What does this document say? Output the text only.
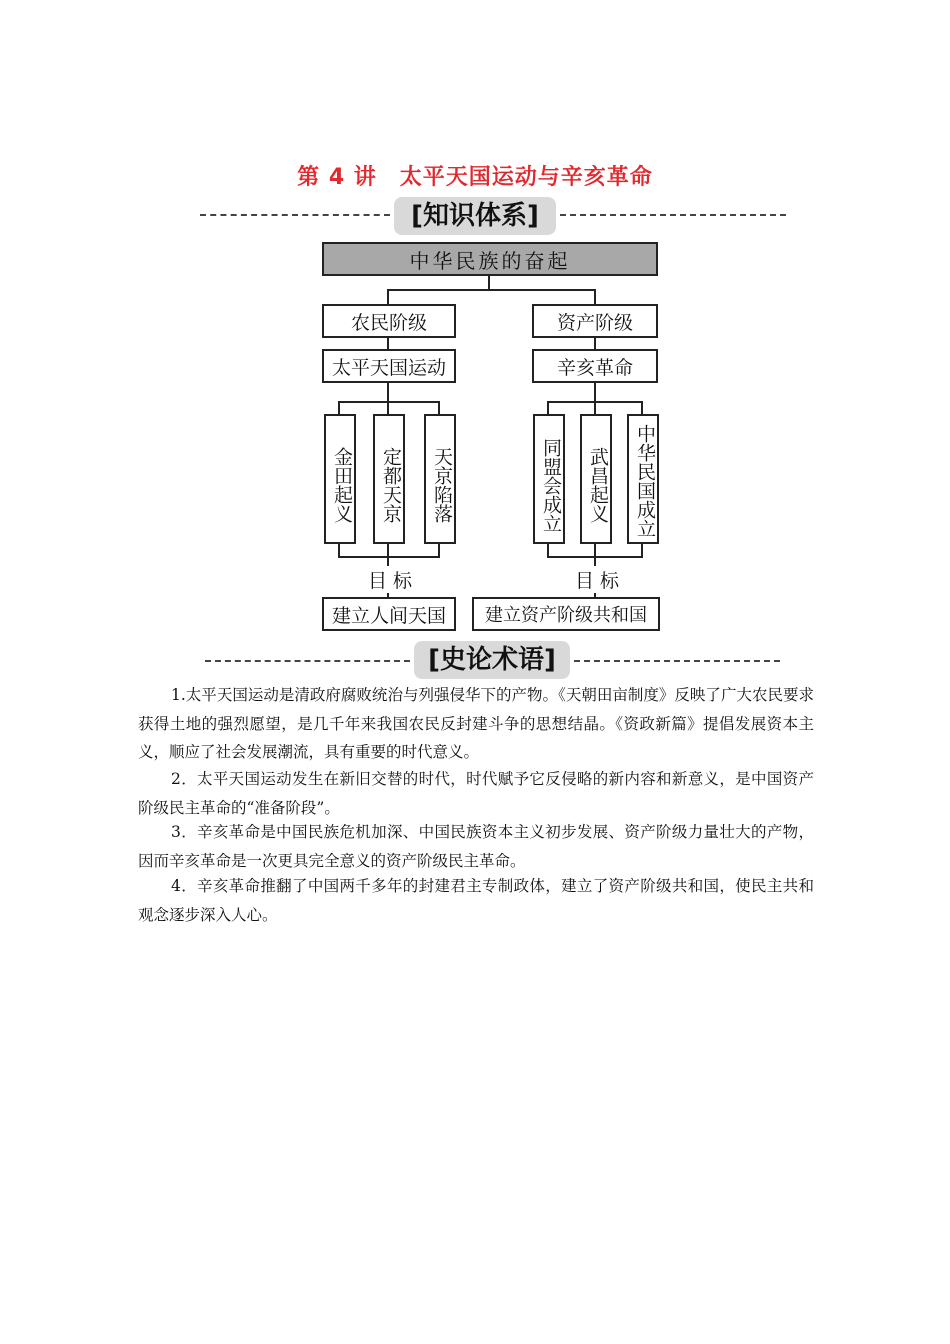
第 4 讲　太平天国运动与辛亥革命
[知识体系]
中华民族的奋起
农民阶级
太平天国运动
金田起义	定都天京	天京陷落
目 标
建立人间天国
资产阶级
辛亥革命
同盟会成立	武昌起义	中华民国成立
目 标
建立资产阶级共和国
[史论术语]
1.太平天国运动是清政府腐败统治与列强侵华下的产物。《天朝田亩制度》反映了广大农民要求获得土地的强烈愿望，是几千年来我国农民反封建斗争的思想结晶。《资政新篇》提倡发展资本主义，顺应了社会发展潮流，具有重要的时代意义。
2．太平天国运动发生在新旧交替的时代，时代赋予它反侵略的新内容和新意义，是中国资产阶级民主革命的“准备阶段”。
3．辛亥革命是中国民族危机加深、中国民族资本主义初步发展、资产阶级力量壮大的产物，因而辛亥革命是一次更具完全意义的资产阶级民主革命。
4．辛亥革命推翻了中国两千多年的封建君主专制政体，建立了资产阶级共和国，使民主共和观念逐步深入人心。
